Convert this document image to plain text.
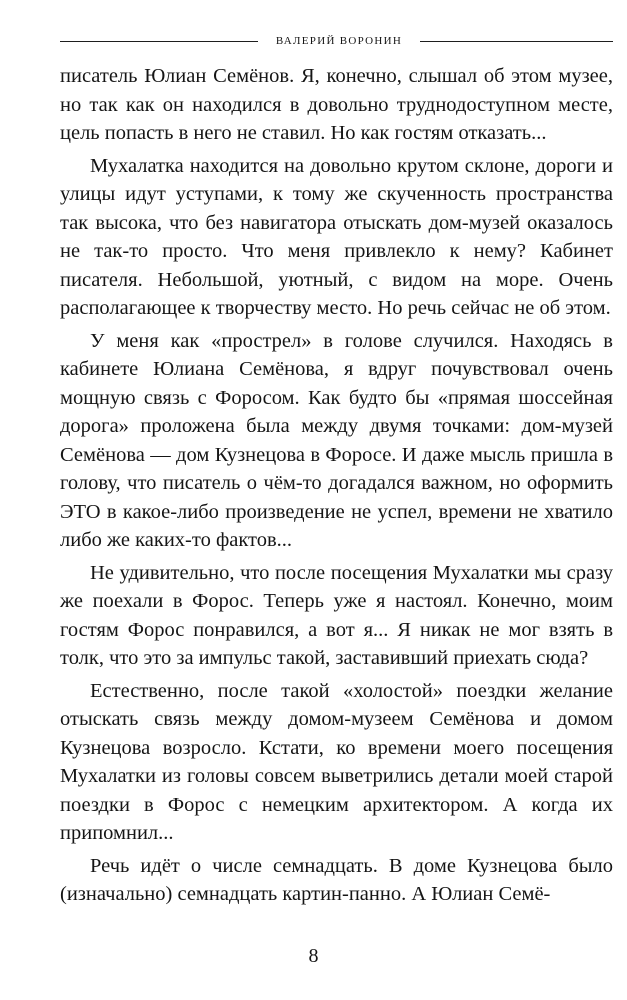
ВАЛЕРИЙ ВОРОНИН

писатель Юлиан Семёнов. Я, конечно, слышал об этом музее, но так как он находился в довольно труднодоступном месте, цель попасть в него не ставил. Но как гостям отказать...

Мухалатка находится на довольно крутом склоне, дороги и улицы идут уступами, к тому же скученность пространства так высока, что без навигатора отыскать дом-музей оказалось не так-то просто. Что меня привлекло к нему? Кабинет писателя. Небольшой, уютный, с видом на море. Очень располагающее к творчеству место. Но речь сейчас не об этом.

У меня как «прострел» в голове случился. Находясь в кабинете Юлиана Семёнова, я вдруг почувствовал очень мощную связь с Форосом. Как будто бы «прямая шоссейная дорога» проложена была между двумя точками: дом-музей Семёнова — дом Кузнецова в Форосе. И даже мысль пришла в голову, что писатель о чём-то догадался важном, но оформить ЭТО в какое-либо произведение не успел, времени не хватило либо же каких-то фактов...

Не удивительно, что после посещения Мухалатки мы сразу же поехали в Форос. Теперь уже я настоял. Конечно, моим гостям Форос понравился, а вот я... Я никак не мог взять в толк, что это за импульс такой, заставивший приехать сюда?

Естественно, после такой «холостой» поездки желание отыскать связь между домом-музеем Семёнова и домом Кузнецова возросло. Кстати, ко времени моего посещения Мухалатки из головы совсем выветрились детали моей старой поездки в Форос с немецким архитектором. А когда их припомнил...

Речь идёт о числе семнадцать. В доме Кузнецова было (изначально) семнадцать картин-панно. А Юлиан Семё-

8
